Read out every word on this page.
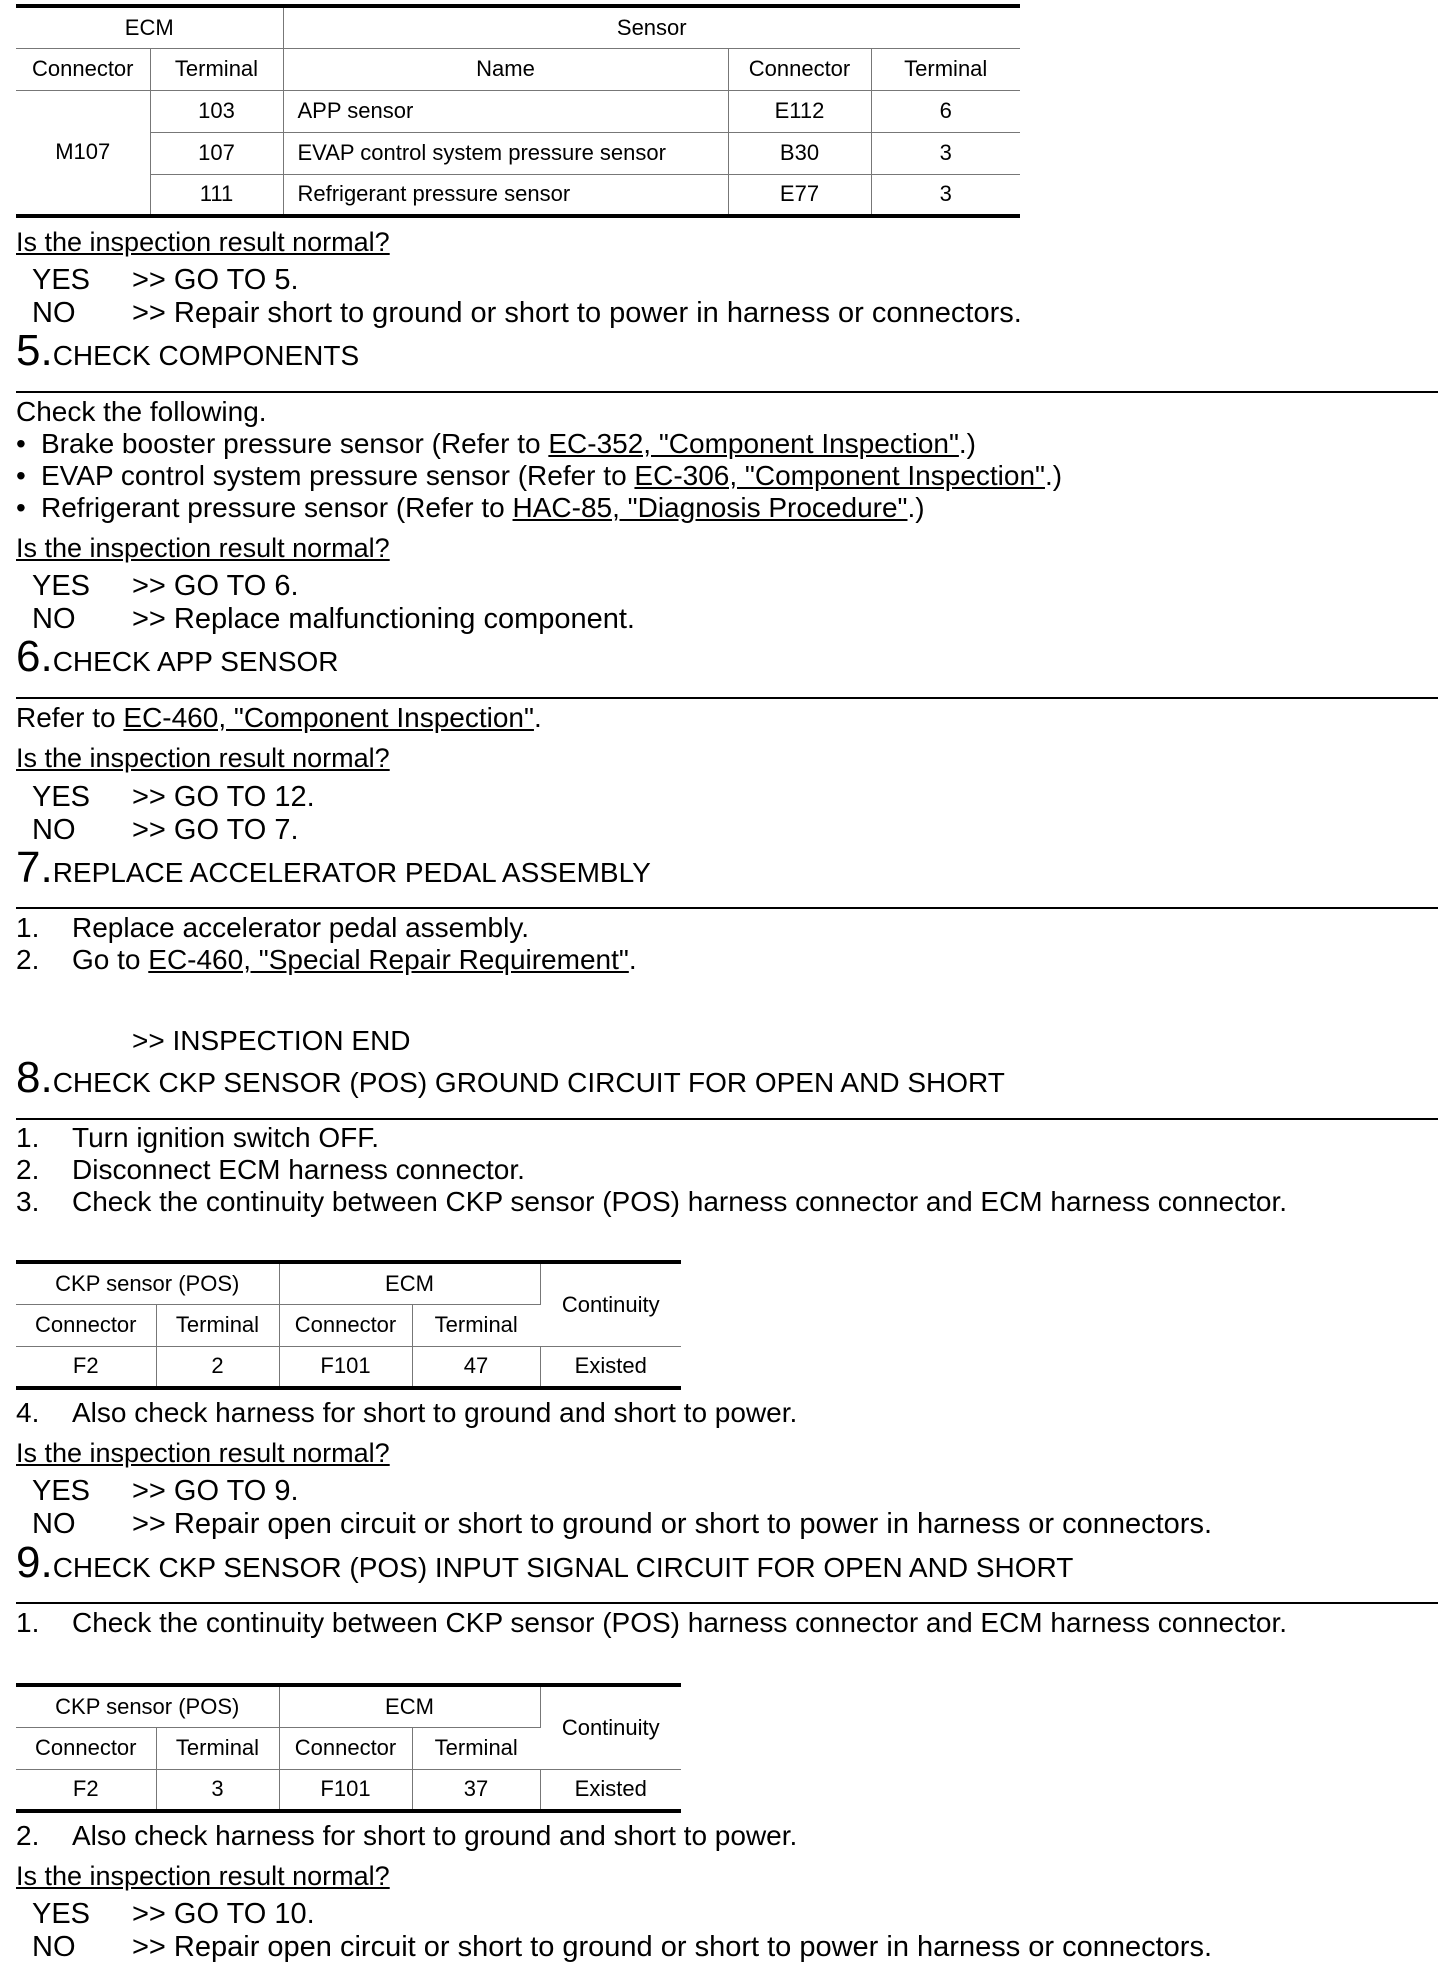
ECM		Sensor		
Connector	Terminal	Name	Connector	Terminal
M107	103	APP sensor	E112	6
	107	EVAP control system pressure sensor	B30	3
	111	Refrigerant pressure sensor	E77	3
Is the inspection result normal?
YES >> GO TO 5.
NO >> Repair short to ground or short to power in harness or connectors.
5.CHECK COMPONENTS
Check the following.
• Brake booster pressure sensor (Refer to EC-352, "Component Inspection".)
• EVAP control system pressure sensor (Refer to EC-306, "Component Inspection".)
• Refrigerant pressure sensor (Refer to HAC-85, "Diagnosis Procedure".)
Is the inspection result normal?
YES >> GO TO 6.
NO >> Replace malfunctioning component.
6.CHECK APP SENSOR
Refer to EC-460, "Component Inspection".
Is the inspection result normal?
YES >> GO TO 12.
NO >> GO TO 7.
7.REPLACE ACCELERATOR PEDAL ASSEMBLY
1. Replace accelerator pedal assembly.
2. Go to EC-460, "Special Repair Requirement".
>> INSPECTION END
8.CHECK CKP SENSOR (POS) GROUND CIRCUIT FOR OPEN AND SHORT
1. Turn ignition switch OFF.
2. Disconnect ECM harness connector.
3. Check the continuity between CKP sensor (POS) harness connector and ECM harness connector.
CKP sensor (POS)		ECM		Continuity
Connector	Terminal	Connector	Terminal	
F2	2	F101	47	Existed
4. Also check harness for short to ground and short to power.
Is the inspection result normal?
YES >> GO TO 9.
NO >> Repair open circuit or short to ground or short to power in harness or connectors.
9.CHECK CKP SENSOR (POS) INPUT SIGNAL CIRCUIT FOR OPEN AND SHORT
1. Check the continuity between CKP sensor (POS) harness connector and ECM harness connector.
CKP sensor (POS)		ECM		Continuity
Connector	Terminal	Connector	Terminal	
F2	3	F101	37	Existed
2. Also check harness for short to ground and short to power.
Is the inspection result normal?
YES >> GO TO 10.
NO >> Repair open circuit or short to ground or short to power in harness or connectors.
